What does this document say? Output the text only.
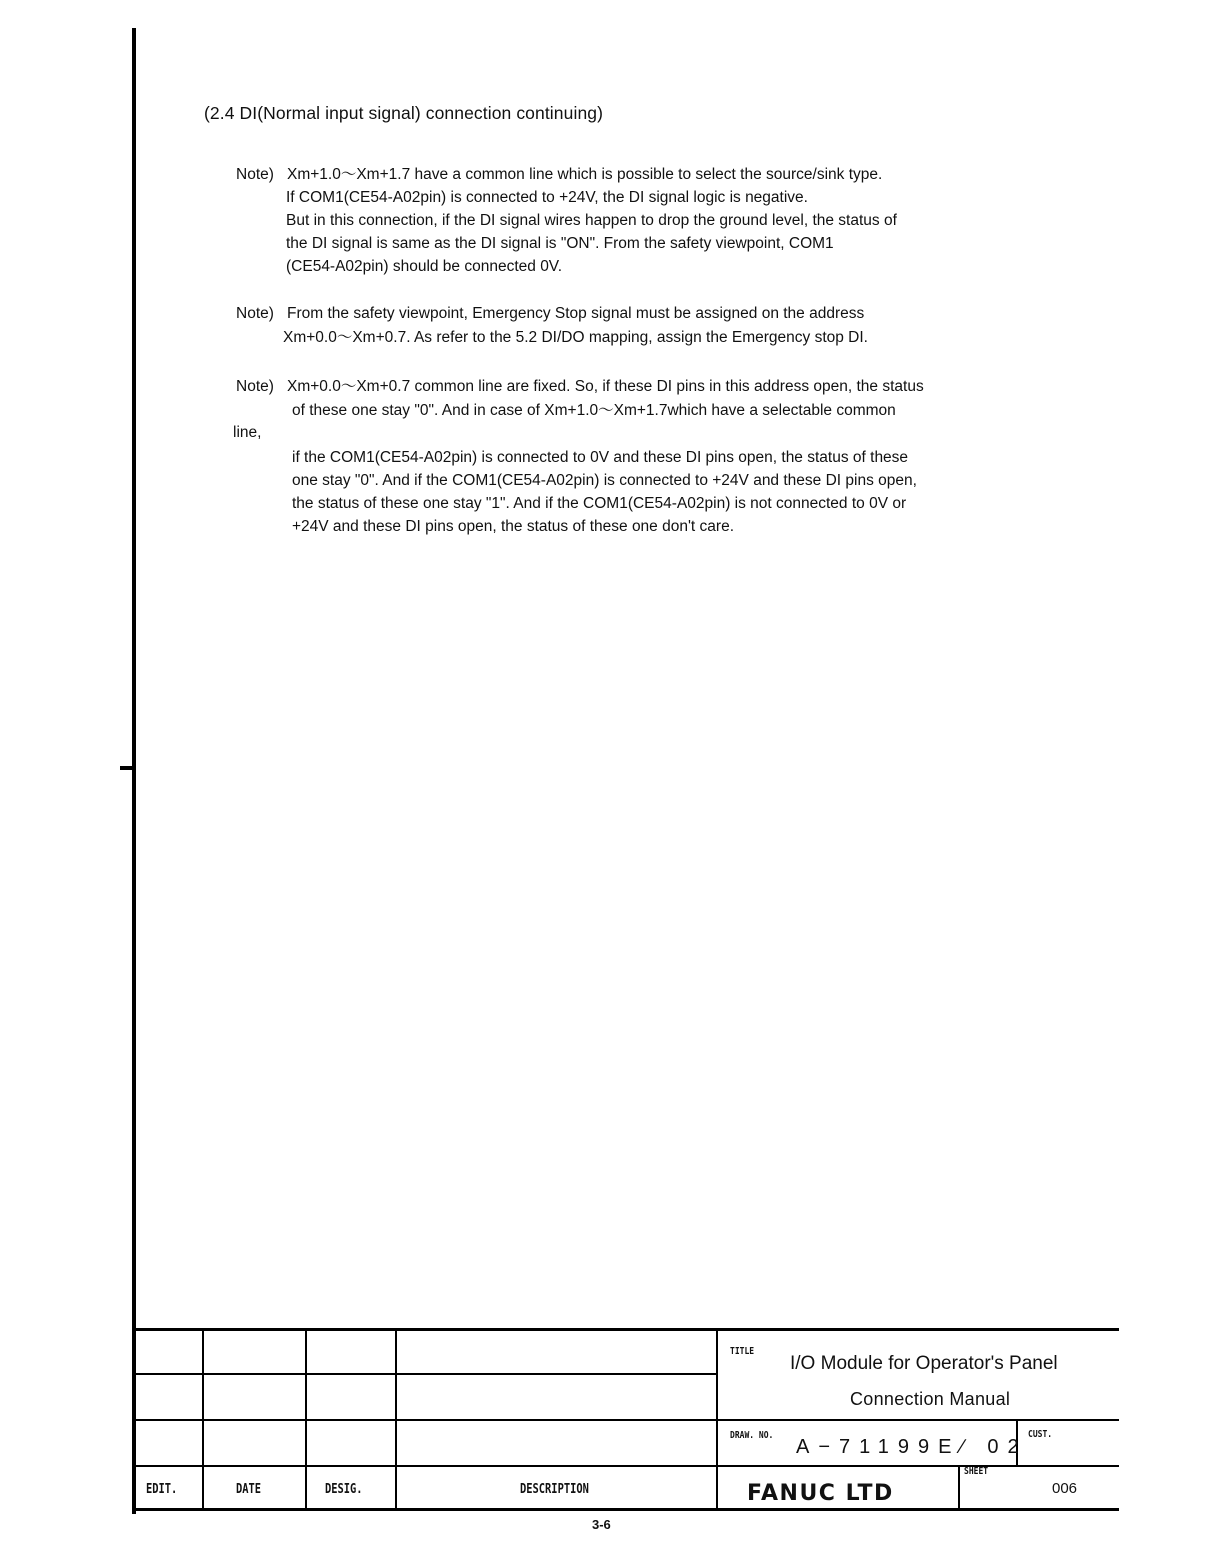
(2.4 DI(Normal input signal) connection continuing)
Note) Xm+1.0〜Xm+1.7 have a common line which is possible to select the source/sink type.
If COM1(CE54-A02pin) is connected to +24V, the DI signal logic is negative.
But in this connection, if the DI signal wires happen to drop the ground level, the status of
the DI signal is same as the DI signal is "ON". From the safety viewpoint, COM1
(CE54-A02pin) should be connected 0V.
Note) From the safety viewpoint, Emergency Stop signal must be assigned on the address
Xm+0.0〜Xm+0.7. As refer to the 5.2 DI/DO mapping, assign the Emergency stop DI.
Note) Xm+0.0〜Xm+0.7 common line are fixed. So, if these DI pins in this address open, the status
of these one stay "0". And in case of Xm+1.0〜Xm+1.7which have a selectable common
line,
if the COM1(CE54-A02pin) is connected to 0V and these DI pins open, the status of these
one stay "0". And if the COM1(CE54-A02pin) is connected to +24V and these DI pins open,
the status of these one stay "1". And if the COM1(CE54-A02pin) is not connected to 0V or
+24V and these DI pins open, the status of these one don't care.
EDIT.	DATE	DESIG.	DESCRIPTION
TITLE
I/O Module for Operator's Panel
Connection Manual
DRAW. NO.
A−71199E∕ 02
CUST.
FANUC LTD
SHEET
006
3-6
